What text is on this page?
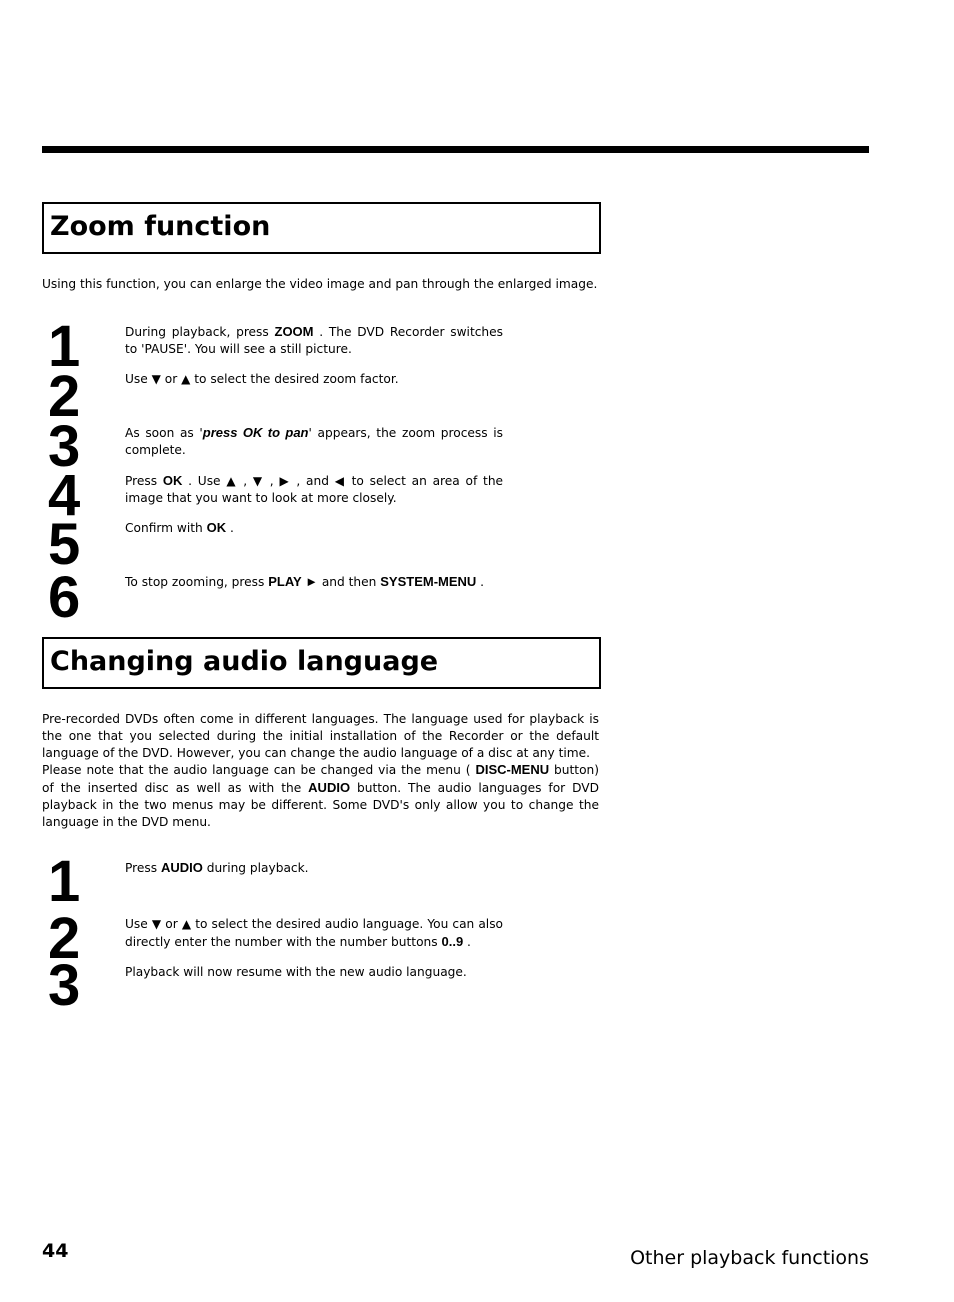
Zoom function

Using this function, you can enlarge the video image and pan through the enlarged image.

1
2
3
4
5
6

During playback, press ZOOM . The DVD Recorder switches to 'PAUSE'. You will see a still picture.

Use ▼ or ▲ to select the desired zoom factor.

As soon as 'press OK to pan' appears, the zoom process is complete.

Press OK . Use ▲ , ▼ , ▶ , and ◀ to select an area of the image that you want to look at more closely.

Confirm with OK .

To stop zooming, press PLAY ► and then SYSTEM-MENU .

Changing audio language

Pre-recorded DVDs often come in different languages. The language used for playback is the one that you selected during the initial installation of the Recorder or the default language of the DVD. However, you can change the audio language of a disc at any time.

Please note that the audio language can be changed via the menu ( DISC-MENU button) of the inserted disc as well as with the AUDIO button. The audio languages for DVD playback in the two menus may be different. Some DVD's only allow you to change the language in the DVD menu.

1
2
3

Press AUDIO during playback.

Use ▼ or ▲ to select the desired audio language. You can also directly enter the number with the number buttons 0..9 .

Playback will now resume with the new audio language.

44	Other playback functions
